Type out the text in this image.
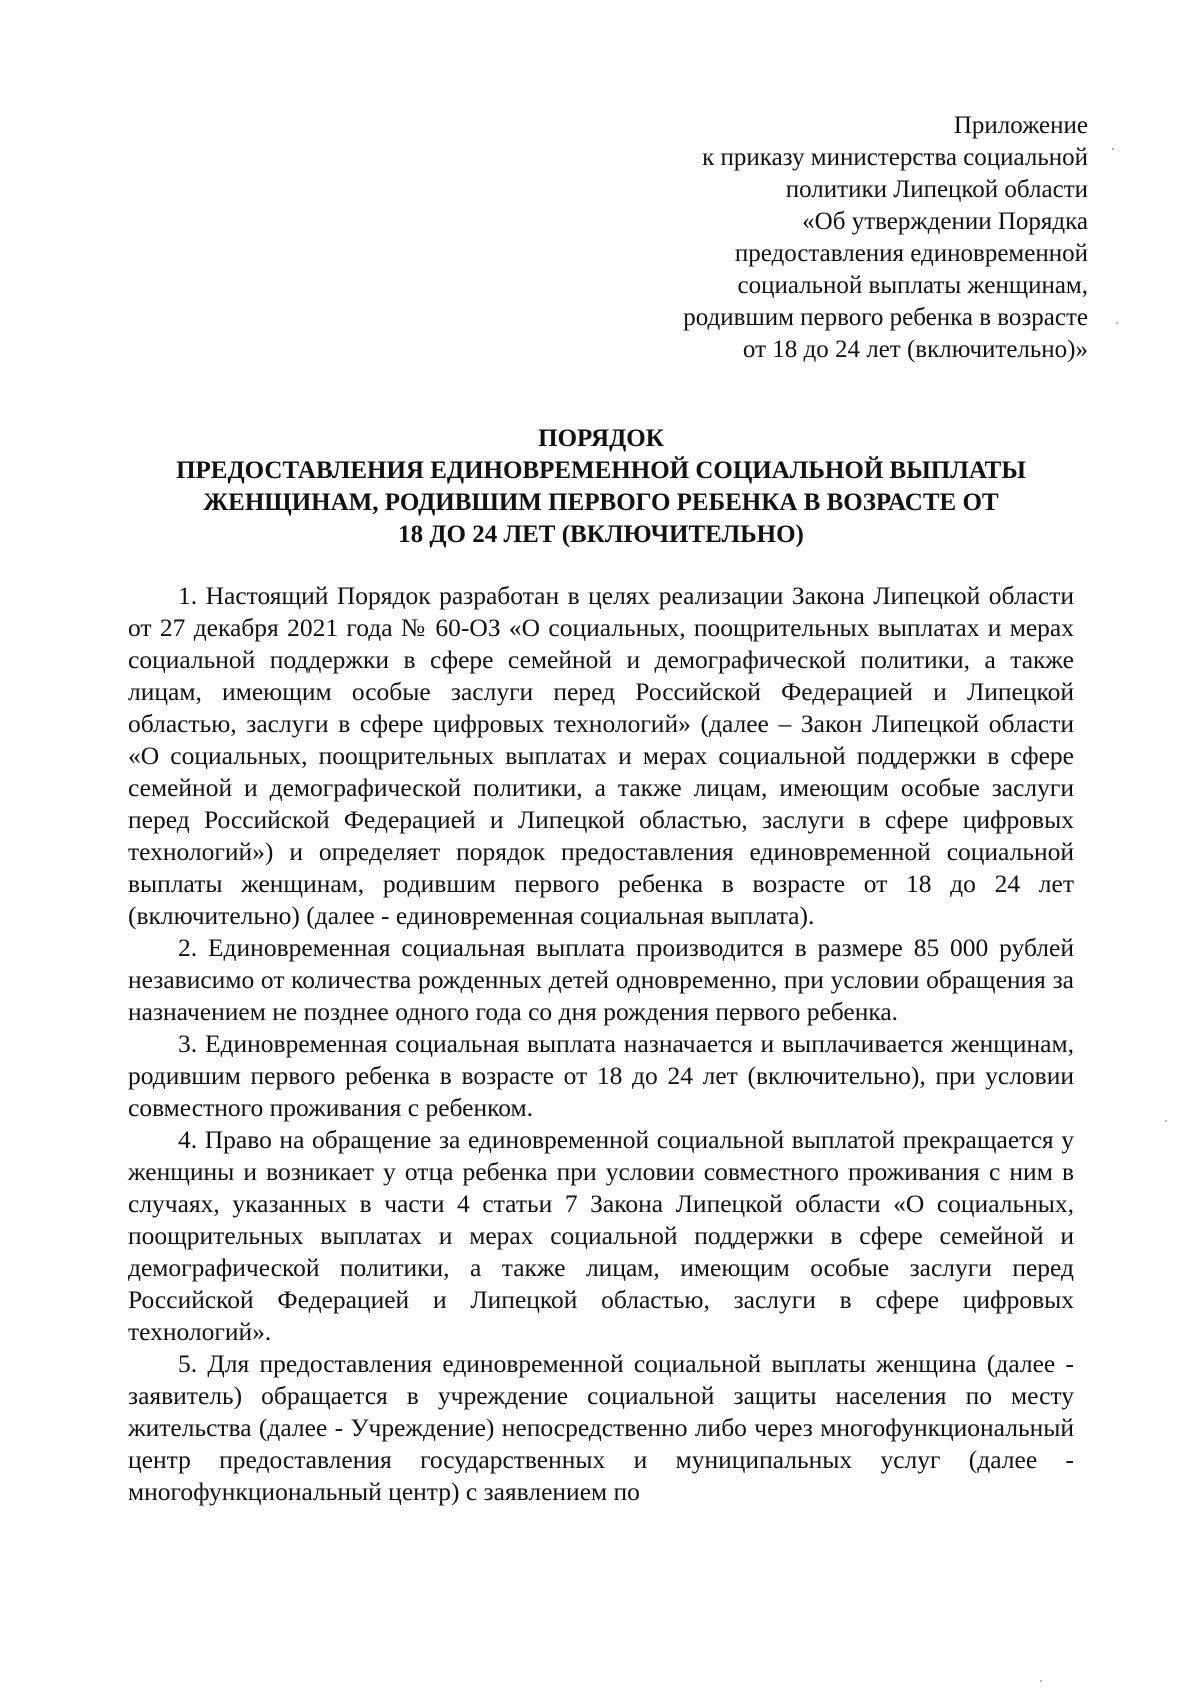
Приложение
к приказу министерства социальной
политики Липецкой области
«Об утверждении Порядка
предоставления единовременной
социальной выплаты женщинам,
родившим первого ребенка в возрасте
от 18 до 24 лет (включительно)»
ПОРЯДОК
ПРЕДОСТАВЛЕНИЯ ЕДИНОВРЕМЕННОЙ СОЦИАЛЬНОЙ ВЫПЛАТЫ
ЖЕНЩИНАМ, РОДИВШИМ ПЕРВОГО РЕБЕНКА В ВОЗРАСТЕ ОТ
18 ДО 24 ЛЕТ (ВКЛЮЧИТЕЛЬНО)

1. Настоящий Порядок разработан в целях реализации Закона Липецкой области от 27 декабря 2021 года № 60-ОЗ «О социальных, поощрительных выплатах и мерах социальной поддержки в сфере семейной и демографической политики, а также лицам, имеющим особые заслуги перед Российской Федерацией и Липецкой областью, заслуги в сфере цифровых технологий» (далее – Закон Липецкой области «О социальных, поощрительных выплатах и мерах социальной поддержки в сфере семейной и демографической политики, а также лицам, имеющим особые заслуги перед Российской Федерацией и Липецкой областью, заслуги в сфере цифровых технологий») и определяет порядок предоставления единовременной социальной выплаты женщинам, родившим первого ребенка в возрасте от 18 до 24 лет (включительно) (далее - единовременная социальная выплата).

2. Единовременная социальная выплата производится в размере 85 000 рублей независимо от количества рожденных детей одновременно, при условии обращения за назначением не позднее одного года со дня рождения первого ребенка.

3. Единовременная социальная выплата назначается и выплачивается женщинам, родившим первого ребенка в возрасте от 18 до 24 лет (включительно), при условии совместного проживания с ребенком.

4. Право на обращение за единовременной социальной выплатой прекращается у женщины и возникает у отца ребенка при условии совместного проживания с ним в случаях, указанных в части 4 статьи 7 Закона Липецкой области «О социальных, поощрительных выплатах и мерах социальной поддержки в сфере семейной и демографической политики, а также лицам, имеющим особые заслуги перед Российской Федерацией и Липецкой областью, заслуги в сфере цифровых технологий».

5. Для предоставления единовременной социальной выплаты женщина (далее - заявитель) обращается в учреждение социальной защиты населения по месту жительства (далее - Учреждение) непосредственно либо через многофункциональный центр предоставления государственных и муниципальных услуг (далее - многофункциональный центр) с заявлением по
